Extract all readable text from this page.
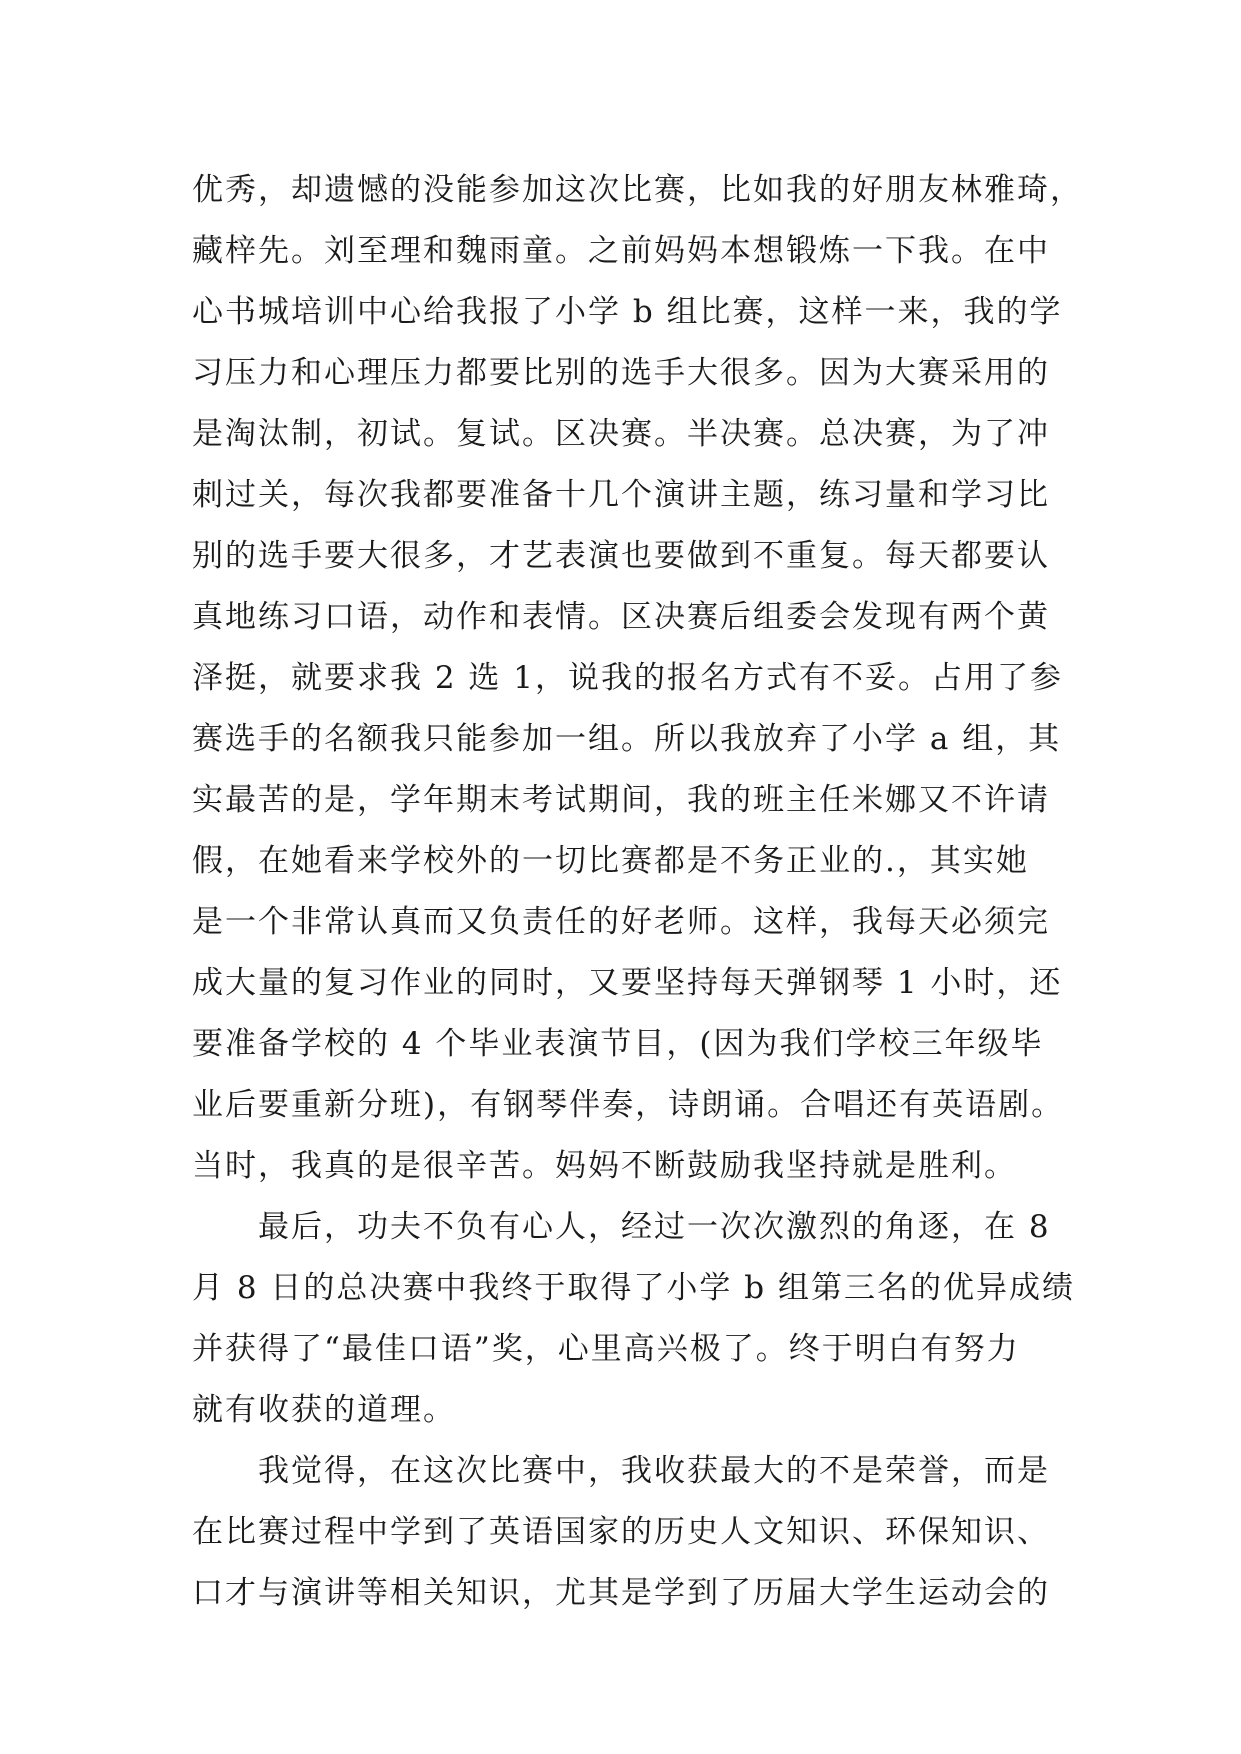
优秀，却遗憾的没能参加这次比赛，比如我的好朋友林雅琦，
藏梓先。刘至理和魏雨童。之前妈妈本想锻炼一下我。在中
心书城培训中心给我报了小学 b 组比赛，这样一来，我的学
习压力和心理压力都要比别的选手大很多。因为大赛采用的
是淘汰制，初试。复试。区决赛。半决赛。总决赛，为了冲
刺过关，每次我都要准备十几个演讲主题，练习量和学习比
别的选手要大很多，才艺表演也要做到不重复。每天都要认
真地练习口语，动作和表情。区决赛后组委会发现有两个黄
泽挺，就要求我 2 选 1，说我的报名方式有不妥。占用了参
赛选手的名额我只能参加一组。所以我放弃了小学 a 组，其
实最苦的是，学年期末考试期间，我的班主任米娜又不许请
假，在她看来学校外的一切比赛都是不务正业的.，其实她
是一个非常认真而又负责任的好老师。这样，我每天必须完
成大量的复习作业的同时，又要坚持每天弹钢琴 1 小时，还
要准备学校的 4 个毕业表演节目，(因为我们学校三年级毕
业后要重新分班)，有钢琴伴奏，诗朗诵。合唱还有英语剧。
当时，我真的是很辛苦。妈妈不断鼓励我坚持就是胜利。
最后，功夫不负有心人，经过一次次激烈的角逐，在 8
月 8 日的总决赛中我终于取得了小学 b 组第三名的优异成绩
并获得了“最佳口语”奖，心里高兴极了。终于明白有努力
就有收获的道理。
我觉得，在这次比赛中，我收获最大的不是荣誉，而是
在比赛过程中学到了英语国家的历史人文知识、环保知识、
口才与演讲等相关知识，尤其是学到了历届大学生运动会的
